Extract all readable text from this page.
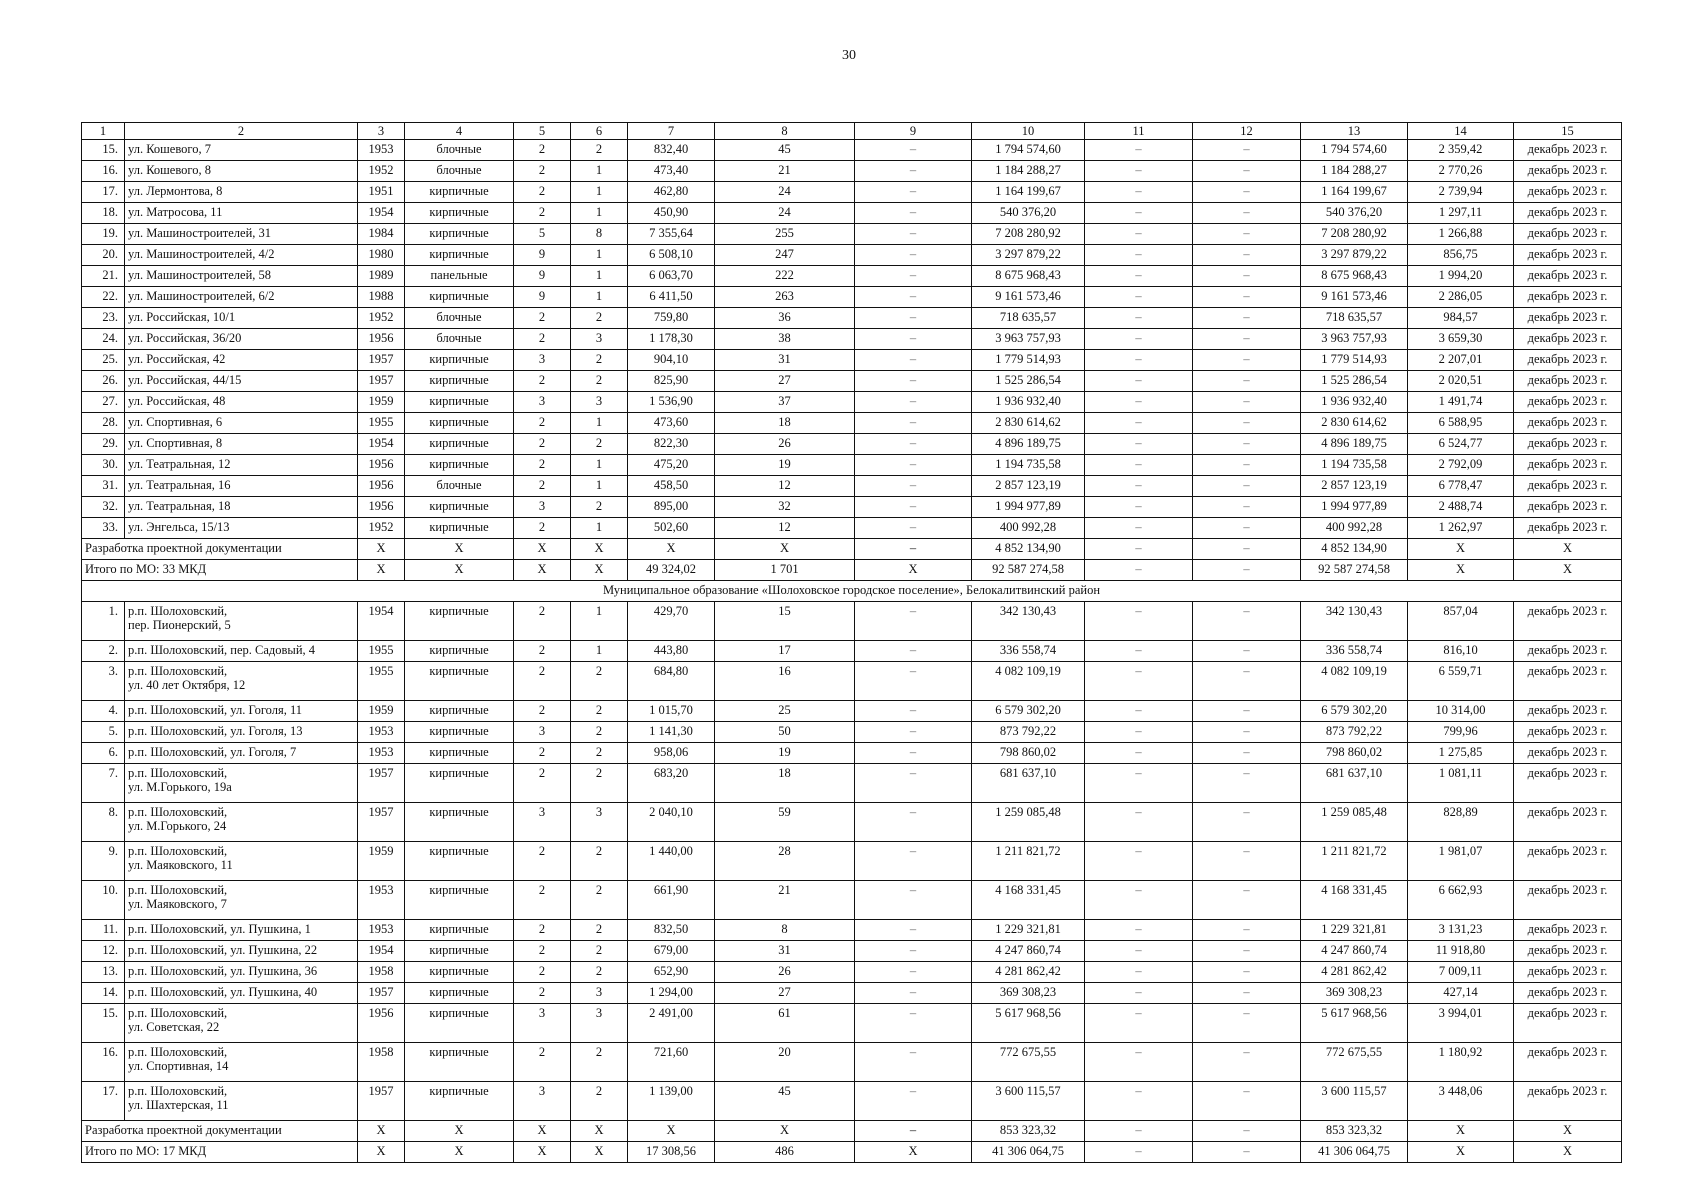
30
1	2	3	4	5	6	7	8	9	10	11	12	13	14	15
15.	ул. Кошевого, 7	1953	блочные	2	2	832,40	45	–	1 794 574,60	–	–	1 794 574,60	2 359,42	декабрь 2023 г.
16.	ул. Кошевого, 8	1952	блочные	2	1	473,40	21	–	1 184 288,27	–	–	1 184 288,27	2 770,26	декабрь 2023 г.
17.	ул. Лермонтова, 8	1951	кирпичные	2	1	462,80	24	–	1 164 199,67	–	–	1 164 199,67	2 739,94	декабрь 2023 г.
18.	ул. Матросова, 11	1954	кирпичные	2	1	450,90	24	–	540 376,20	–	–	540 376,20	1 297,11	декабрь 2023 г.
19.	ул. Машиностроителей, 31	1984	кирпичные	5	8	7 355,64	255	–	7 208 280,92	–	–	7 208 280,92	1 266,88	декабрь 2023 г.
20.	ул. Машиностроителей, 4/2	1980	кирпичные	9	1	6 508,10	247	–	3 297 879,22	–	–	3 297 879,22	856,75	декабрь 2023 г.
21.	ул. Машиностроителей, 58	1989	панельные	9	1	6 063,70	222	–	8 675 968,43	–	–	8 675 968,43	1 994,20	декабрь 2023 г.
22.	ул. Машиностроителей, 6/2	1988	кирпичные	9	1	6 411,50	263	–	9 161 573,46	–	–	9 161 573,46	2 286,05	декабрь 2023 г.
23.	ул. Российская, 10/1	1952	блочные	2	2	759,80	36	–	718 635,57	–	–	718 635,57	984,57	декабрь 2023 г.
24.	ул. Российская, 36/20	1956	блочные	2	3	1 178,30	38	–	3 963 757,93	–	–	3 963 757,93	3 659,30	декабрь 2023 г.
25.	ул. Российская, 42	1957	кирпичные	3	2	904,10	31	–	1 779 514,93	–	–	1 779 514,93	2 207,01	декабрь 2023 г.
26.	ул. Российская, 44/15	1957	кирпичные	2	2	825,90	27	–	1 525 286,54	–	–	1 525 286,54	2 020,51	декабрь 2023 г.
27.	ул. Российская, 48	1959	кирпичные	3	3	1 536,90	37	–	1 936 932,40	–	–	1 936 932,40	1 491,74	декабрь 2023 г.
28.	ул. Спортивная, 6	1955	кирпичные	2	1	473,60	18	–	2 830 614,62	–	–	2 830 614,62	6 588,95	декабрь 2023 г.
29.	ул. Спортивная, 8	1954	кирпичные	2	2	822,30	26	–	4 896 189,75	–	–	4 896 189,75	6 524,77	декабрь 2023 г.
30.	ул. Театральная, 12	1956	кирпичные	2	1	475,20	19	–	1 194 735,58	–	–	1 194 735,58	2 792,09	декабрь 2023 г.
31.	ул. Театральная, 16	1956	блочные	2	1	458,50	12	–	2 857 123,19	–	–	2 857 123,19	6 778,47	декабрь 2023 г.
32.	ул. Театральная, 18	1956	кирпичные	3	2	895,00	32	–	1 994 977,89	–	–	1 994 977,89	2 488,74	декабрь 2023 г.
33.	ул. Энгельса, 15/13	1952	кирпичные	2	1	502,60	12	–	400 992,28	–	–	400 992,28	1 262,97	декабрь 2023 г.
Разработка проектной документации		X	X	X	X	X	X	–	4 852 134,90	–	–	4 852 134,90	X	X
Итого по МО: 33 МКД		X	X	X	X	49 324,02	1 701	X	92 587 274,58	–	–	92 587 274,58	X	X
Муниципальное образование «Шолоховское городское поселение», Белокалитвинский район														
1.	р.п. Шолоховский,
пер. Пионерский, 5	1954	кирпичные	2	1	429,70	15	–	342 130,43	–	–	342 130,43	857,04	декабрь 2023 г.
2.	р.п. Шолоховский, пер. Садовый, 4	1955	кирпичные	2	1	443,80	17	–	336 558,74	–	–	336 558,74	816,10	декабрь 2023 г.
3.	р.п. Шолоховский,
ул. 40 лет Октября, 12	1955	кирпичные	2	2	684,80	16	–	4 082 109,19	–	–	4 082 109,19	6 559,71	декабрь 2023 г.
4.	р.п. Шолоховский, ул. Гоголя, 11	1959	кирпичные	2	2	1 015,70	25	–	6 579 302,20	–	–	6 579 302,20	10 314,00	декабрь 2023 г.
5.	р.п. Шолоховский, ул. Гоголя, 13	1953	кирпичные	3	2	1 141,30	50	–	873 792,22	–	–	873 792,22	799,96	декабрь 2023 г.
6.	р.п. Шолоховский, ул. Гоголя, 7	1953	кирпичные	2	2	958,06	19	–	798 860,02	–	–	798 860,02	1 275,85	декабрь 2023 г.
7.	р.п. Шолоховский,
ул. М.Горького, 19а	1957	кирпичные	2	2	683,20	18	–	681 637,10	–	–	681 637,10	1 081,11	декабрь 2023 г.
8.	р.п. Шолоховский,
ул. М.Горького, 24	1957	кирпичные	3	3	2 040,10	59	–	1 259 085,48	–	–	1 259 085,48	828,89	декабрь 2023 г.
9.	р.п. Шолоховский,
ул. Маяковского, 11	1959	кирпичные	2	2	1 440,00	28	–	1 211 821,72	–	–	1 211 821,72	1 981,07	декабрь 2023 г.
10.	р.п. Шолоховский,
ул. Маяковского, 7	1953	кирпичные	2	2	661,90	21	–	4 168 331,45	–	–	4 168 331,45	6 662,93	декабрь 2023 г.
11.	р.п. Шолоховский, ул. Пушкина, 1	1953	кирпичные	2	2	832,50	8	–	1 229 321,81	–	–	1 229 321,81	3 131,23	декабрь 2023 г.
12.	р.п. Шолоховский, ул. Пушкина, 22	1954	кирпичные	2	2	679,00	31	–	4 247 860,74	–	–	4 247 860,74	11 918,80	декабрь 2023 г.
13.	р.п. Шолоховский, ул. Пушкина, 36	1958	кирпичные	2	2	652,90	26	–	4 281 862,42	–	–	4 281 862,42	7 009,11	декабрь 2023 г.
14.	р.п. Шолоховский, ул. Пушкина, 40	1957	кирпичные	2	3	1 294,00	27	–	369 308,23	–	–	369 308,23	427,14	декабрь 2023 г.
15.	р.п. Шолоховский,
ул. Советская, 22	1956	кирпичные	3	3	2 491,00	61	–	5 617 968,56	–	–	5 617 968,56	3 994,01	декабрь 2023 г.
16.	р.п. Шолоховский,
ул. Спортивная, 14	1958	кирпичные	2	2	721,60	20	–	772 675,55	–	–	772 675,55	1 180,92	декабрь 2023 г.
17.	р.п. Шолоховский,
ул. Шахтерская, 11	1957	кирпичные	3	2	1 139,00	45	–	3 600 115,57	–	–	3 600 115,57	3 448,06	декабрь 2023 г.
Разработка проектной документации		X	X	X	X	X	X	–	853 323,32	–	–	853 323,32	X	X
Итого по МО: 17 МКД		X	X	X	X	17 308,56	486	X	41 306 064,75	–	–	41 306 064,75	X	X
